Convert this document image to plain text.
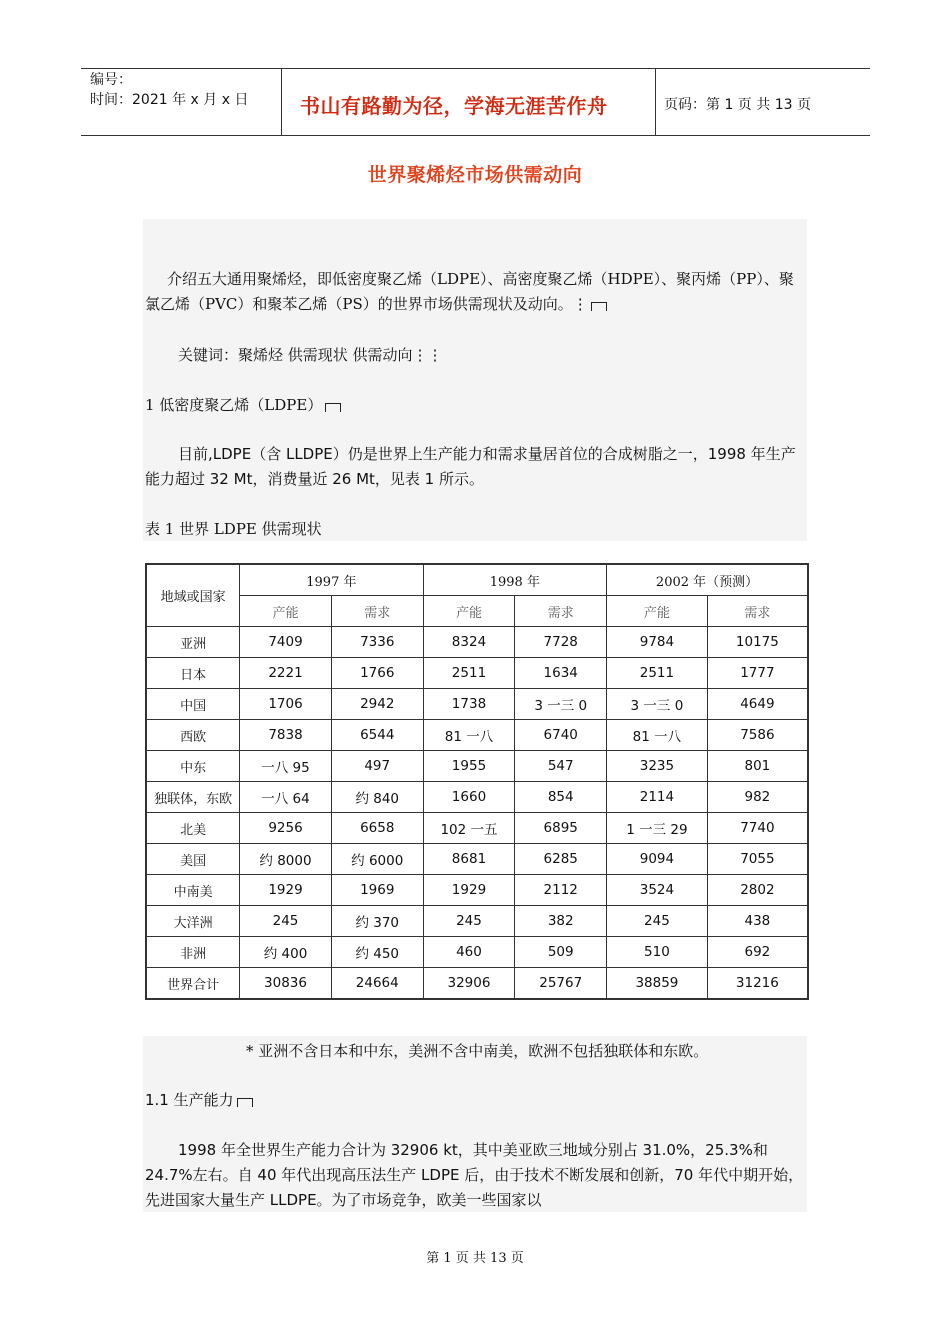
编号：
时间：2021 年 x 月 x 日	书山有路勤为径，学海无涯苦作舟	页码：第 1 页 共 13 页
世界聚烯烃市场供需动向
介绍五大通用聚烯烃，即低密度聚乙烯（LDPE）、高密度聚乙烯（HDPE）、聚丙烯（PP）、聚氯乙烯（PVC）和聚苯乙烯（PS）的世界市场供需现状及动向。⋮
关键词：聚烯烃 供需现状 供需动向⋮⋮
1 低密度聚乙烯（LDPE）
目前,LDPE（含 LLDPE）仍是世界上生产能力和需求量居首位的合成树脂之一，1998 年生产能力超过 32 Mt，消费量近 26 Mt，见表 1 所示。
表 1 世界 LDPE 供需现状
地域或国家	1997 年		1998 年		2002 年（预测）	
	产能	需求	产能	需求	产能	需求
亚洲	7409	7336	8324	7728	9784	10175
日本	2221	1766	2511	1634	2511	1777
中国	1706	2942	1738	3 一三 0	3 一三 0	4649
西欧	7838	6544	81 一八	6740	81 一八	7586
中东	一八 95	497	1955	547	3235	801
独联体，东欧	一八 64	约 840	1660	854	2114	982
北美	9256	6658	102 一五	6895	1 一三 29	7740
美国	约 8000	约 6000	8681	6285	9094	7055
中南美	1929	1969	1929	2112	3524	2802
大洋洲	245	约 370	245	382	245	438
非洲	约 400	约 450	460	509	510	692
世界合计	30836	24664	32906	25767	38859	31216
* 亚洲不含日本和中东，美洲不含中南美，欧洲不包括独联体和东欧。
1.1 生产能力
1998 年全世界生产能力合计为 32906 kt，其中美亚欧三地域分别占 31.0%，25.3%和 24.7%左右。自 40 年代出现高压法生产 LDPE 后，由于技术不断发展和创新，70 年代中期开始，先进国家大量生产 LLDPE。为了市场竞争，欧美一些国家以
第 1 页 共 13 页
